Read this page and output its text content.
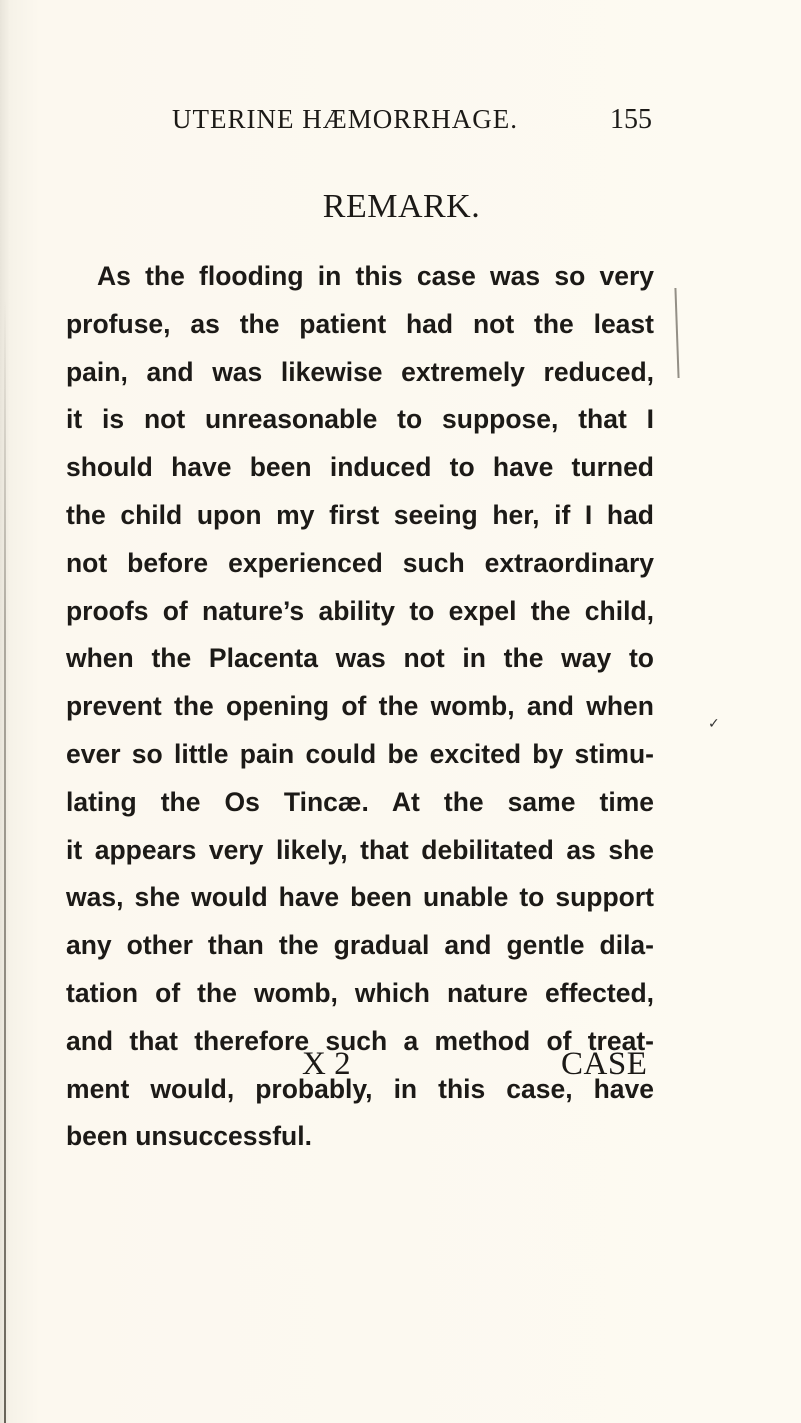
UTERINE HÆMORRHAGE.	155
REMARK.
As the flooding in this case was so very
profuse, as the patient had not the least
pain, and was likewise extremely reduced,
it is not unreasonable to suppose, that I
should have been induced to have turned
the child upon my first seeing her, if I had
not before experienced such extraordinary
proofs of nature’s ability to expel the child,
when the Placenta was not in the way to
prevent the opening of the womb, and when
ever so little pain could be excited by stimu-
lating the Os Tincæ. At the same time
it appears very likely, that debilitated as she
was, she would have been unable to support
any other than the gradual and gentle dila-
tation of the womb, which nature effected,
and that therefore such a method of treat-
ment would, probably, in this case, have
been unsuccessful.
✓
X 2	CASE
